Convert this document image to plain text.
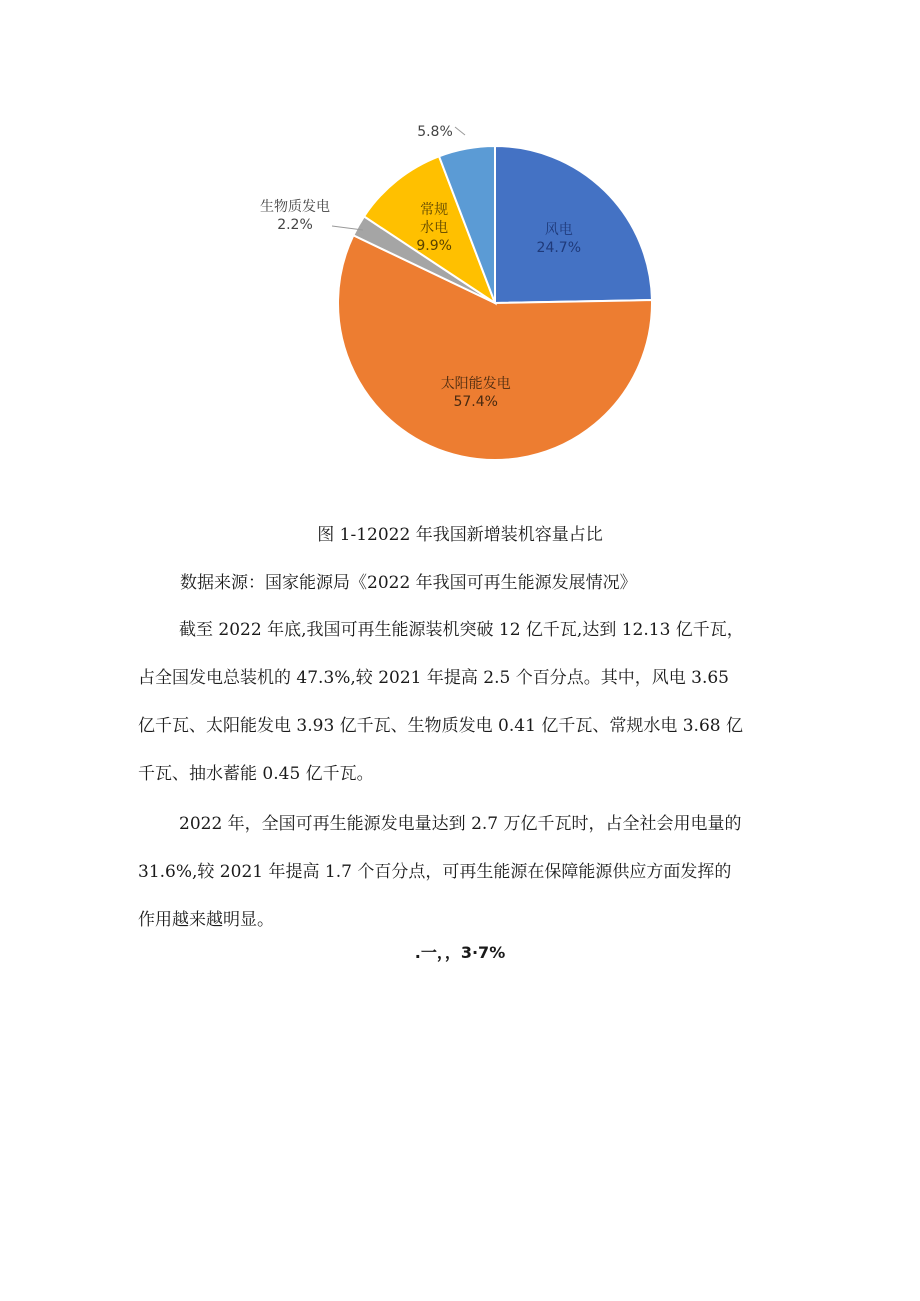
风电
24.7%
太阳能发电
57.4%
生物质发电
2.2%
常规
水电
9.9%
5.8%
图 1-12022 年我国新增装机容量占比
数据来源：国家能源局《2022 年我国可再生能源发展情况》

截至 2022 年底,我国可再生能源装机突破 12 亿千瓦,达到 12.13 亿千瓦，

占全国发电总装机的 47.3%,较 2021 年提高 2.5 个百分点。其中，风电 3.65

亿千瓦、太阳能发电 3.93 亿千瓦、生物质发电 0.41 亿千瓦、常规水电 3.68 亿

千瓦、抽水蓄能 0.45 亿千瓦。

2022 年，全国可再生能源发电量达到 2.7 万亿千瓦时，占全社会用电量的

31.6%,较 2021 年提高 1.7 个百分点，可再生能源在保障能源供应方面发挥的

作用越来越明显。

.一，，3·7%
